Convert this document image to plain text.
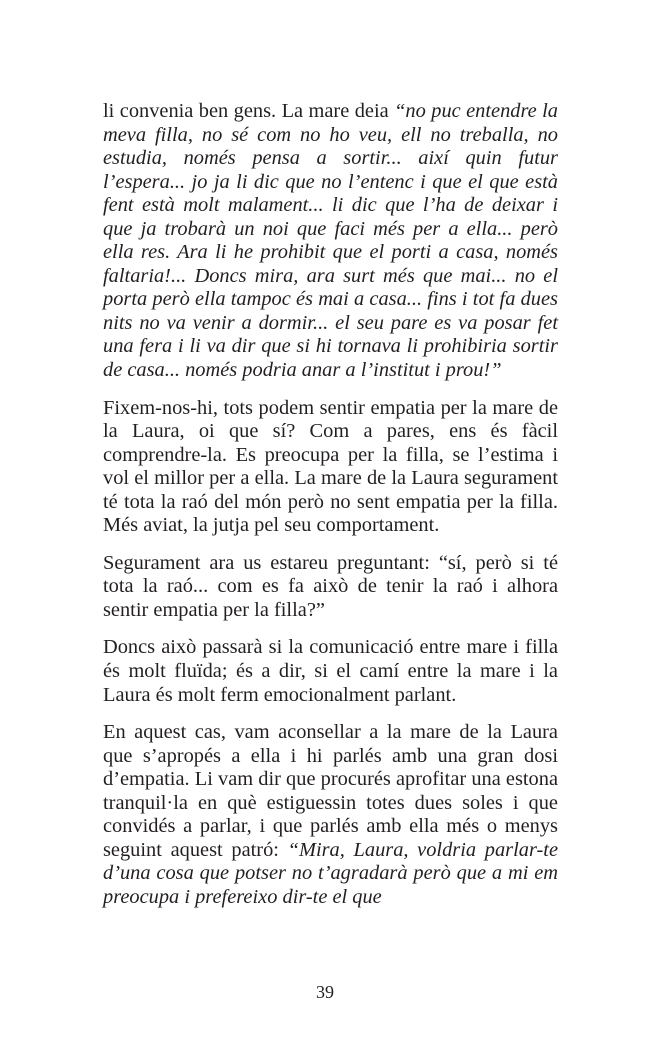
li convenia ben gens. La mare deia “no puc entendre la meva filla, no sé com no ho veu, ell no treballa, no estudia, només pensa a sortir... així quin futur l’espera... jo ja li dic que no l’entenc i que el que està fent està molt malament... li dic que l’ha de deixar i que ja trobarà un noi que faci més per a ella... però ella res. Ara li he prohibit que el porti a casa, només faltaria!... Doncs mira, ara surt més que mai... no el porta però ella tampoc és mai a casa... fins i tot fa dues nits no va venir a dormir... el seu pare es va posar fet una fera i li va dir que si hi tornava li prohibiria sortir de casa... només podria anar a l’institut i prou!”

Fixem-nos-hi, tots podem sentir empatia per la mare de la Laura, oi que sí? Com a pares, ens és fàcil comprendre-la. Es preocupa per la filla, se l’estima i vol el millor per a ella. La mare de la Laura segurament té tota la raó del món però no sent empatia per la filla. Més aviat, la jutja pel seu comportament.

Segurament ara us estareu preguntant: “sí, però si té tota la raó... com es fa això de tenir la raó i alhora sentir empatia per la filla?”

Doncs això passarà si la comunicació entre mare i filla és molt fluïda; és a dir, si el camí entre la mare i la Laura és molt ferm emocionalment parlant.

En aquest cas, vam aconsellar a la mare de la Laura que s’apropés a ella i hi parlés amb una gran dosi d’empatia. Li vam dir que procurés aprofitar una estona tranquil·la en què estiguessin totes dues soles i que convidés a parlar, i que parlés amb ella més o menys seguint aquest patró: “Mira, Laura, voldria parlar-te d’una cosa que potser no t’agradarà però que a mi em preocupa i prefereixo dir-te el que

39
